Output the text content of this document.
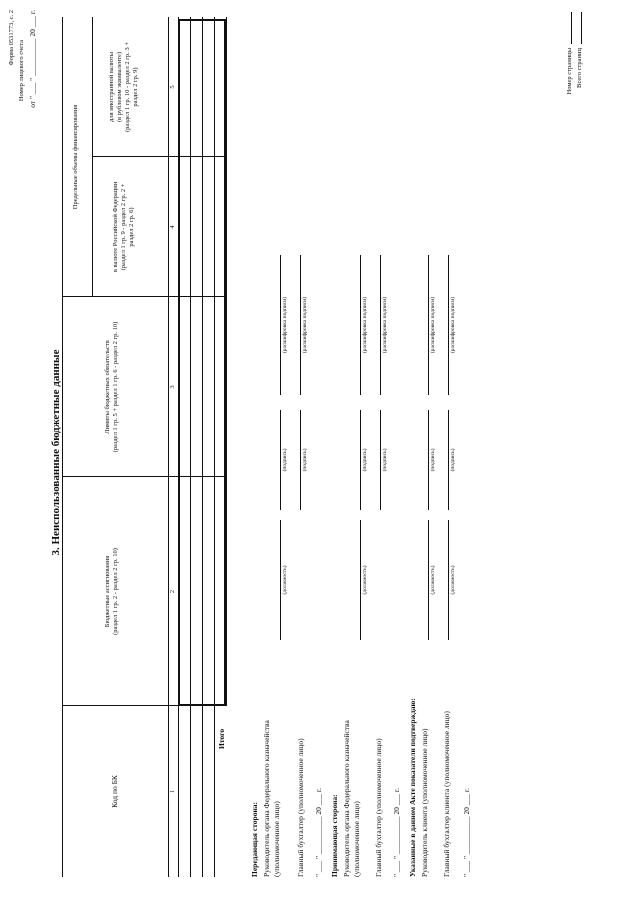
Форма 0531773, с. 2
Номер лицевого счета от " ___ " __________ 20 ___ г.
3. Неиспользованные бюджетные данные
Код по БК
Бюджетные ассигнования
(раздел 1 гр. 2 - раздел 2 гр. 10)
Лимиты бюджетных обязательств
(раздел 1 гр. 5 + раздел 1 гр. 6 - раздел 2 гр. 10)
Предельные объемы финансирования
в валюте Российской Федерации
(раздел 1 гр. 9 - раздел 2 гр. 2 +
раздел 2 гр. 6)
для иностранной валюты
(в рублевом эквиваленте)
(раздел 1 гр. 10 - раздел 2 гр. 3 +
раздел 2 гр. 9)
1
2
3
4
5
Итого
Передающая сторона: Руководитель органа Федерального казначейства (уполномоченное лицо)
(должность)
(подпись)
(расшифровка подписи)
Главный бухгалтер (уполномоченное лицо)
(подпись)
(расшифровка подписи)
" ___ " __________ 20 ___ г. Принимающая сторона: Руководитель органа Федерального казначейства (уполномоченное лицо)
(должность)
(подпись)
(расшифровка подписи)
Главный бухгалтер (уполномоченное лицо)
(подпись)
(расшифровка подписи)
" ___ " __________ 20 ___ г. Указанные в данном Акте показатели подтверждаю: Руководитель клиента (уполномоченное лицо)
(должность)
(подпись)
(расшифровка подписи)
Главный бухгалтер клиента (уполномоченное лицо)
(должность)
(подпись)
(расшифровка подписи)
" ___ " __________ 20 ___ г.
Номер страницы Всего страниц
